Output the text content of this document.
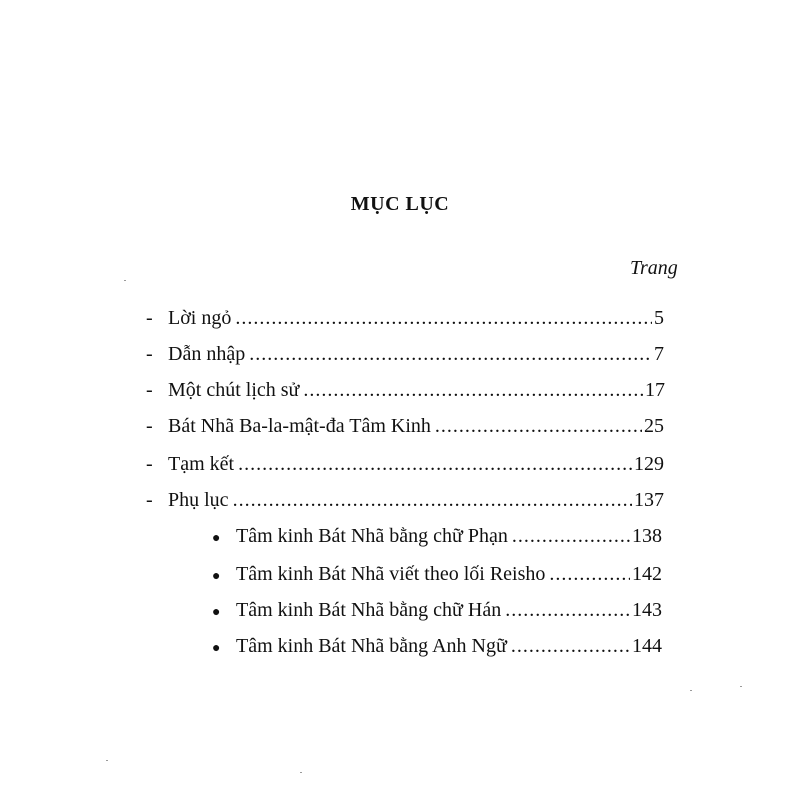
MỤC LỤC
Trang
- Lời ngỏ .....	5
- Dẫn nhập .....	7
- Một chút lịch sử .....	17
- Bát Nhã Ba-la-mật-đa Tâm Kinh .....	25
- Tạm kết .....	129
- Phụ lục .....	137
● Tâm kinh Bát Nhã bằng chữ Phạn .....	138
● Tâm kinh Bát Nhã viết theo lối Reisho .....	142
● Tâm kinh Bát Nhã bằng chữ Hán .....	143
● Tâm kinh Bát Nhã bằng Anh Ngữ .....	144
